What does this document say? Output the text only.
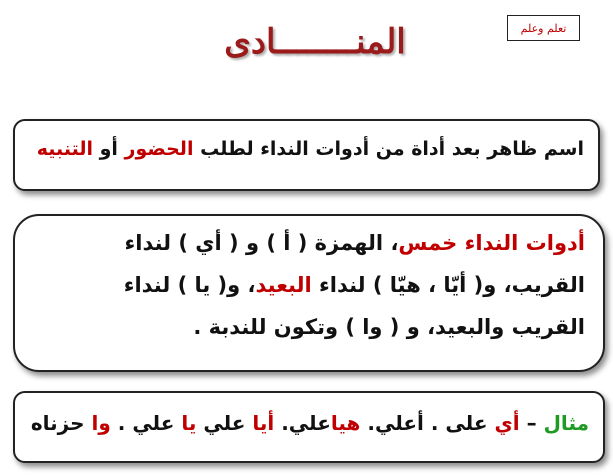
تعلم وعلم
المنــــــــادى
اسم ظاهر بعد أداة من أدوات النداء لطلب الحضور أو التنبيه
أدوات النداء خمس، الهمزة ( أ ) و ( أي ) لنداء
القريب، و( أيّا ، هيّا ) لنداء البعيد، و( يا ) لنداء
القريب والبعيد، و ( وا ) وتكون للندبة .
مثال – أي على . أعلي. هياعلي. أيا علي يا علي . وا حزناه
